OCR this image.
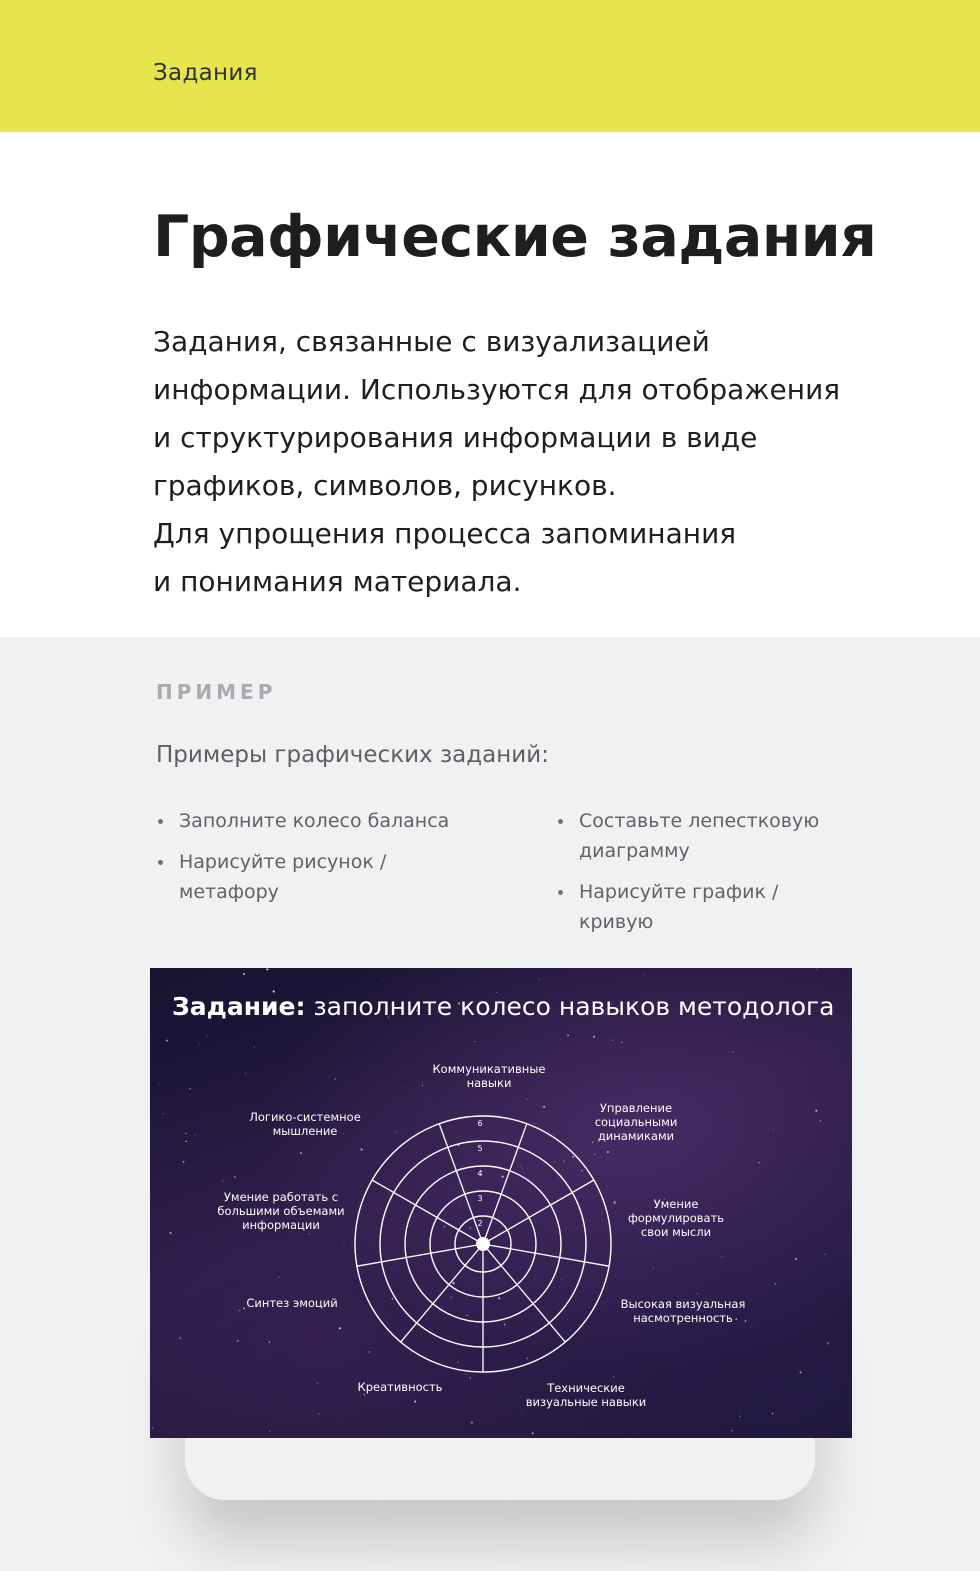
Задания
Графические задания

Задания, связанные с визуализацией
информации. Используются для отображения
и структурирования информации в виде
графиков, символов, рисунков.
Для упрощения процесса запоминания
и понимания материала.

ПРИМЕР
Примеры графических заданий:
Заполните колесо баланса
Нарисуйте рисунок / метафору
Составьте лепестковую диаграмму
Нарисуйте график / кривую
Задание: заполните колесо навыков методолога
2
3
4
5
6
Коммуникативные
навыки
Управление
социальными
динамиками
Умение
формулировать
свои мысли
Высокая визуальная
насмотренность
Технические
визуальные навыки
Креативность
Синтез эмоций
Умение работать с
большими объемами
информации
Логико-системное
мышление
